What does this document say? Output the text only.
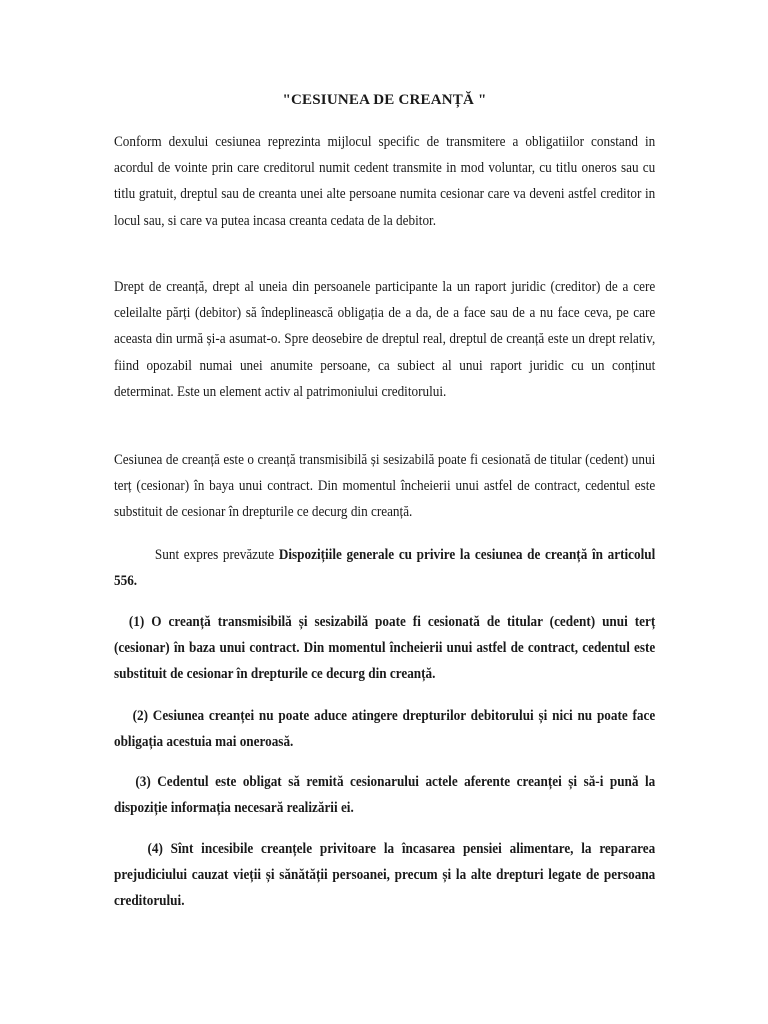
"CESIUNEA DE CREANȚĂ "

Conform dexului cesiunea reprezinta mijlocul specific de transmitere a obligatiilor constand in acordul de vointe prin care creditorul numit cedent transmite in mod voluntar, cu titlu oneros sau cu titlu gratuit, dreptul sau de creanta unei alte persoane numita cesionar care va deveni astfel creditor in locul sau, si care va putea incasa creanta cedata de la debitor.

Drept de creanță, drept al uneia din persoanele participante la un raport juridic (creditor) de a cere celeilalte părți (debitor) să îndeplinească obligația de a da, de a face sau de a nu face ceva, pe care aceasta din urmă și-a asumat-o. Spre deosebire de dreptul real, dreptul de creanță este un drept relativ, fiind opozabil numai unei anumite persoane, ca subiect al unui raport juridic cu un conținut determinat. Este un element activ al patrimoniului creditorului.

Cesiunea de creanță este o creanță transmisibilă și sesizabilă poate fi cesionată de titular (cedent) unui terț (cesionar) în baya unui contract. Din momentul încheierii unui astfel de contract, cedentul este substituit de cesionar în drepturile ce decurg din creanță.

Sunt expres prevăzute Dispozițiile generale cu privire la cesiunea de creanță în articolul 556.

(1) O creanță transmisibilă și sesizabilă poate fi cesionată de titular (cedent) unui terț (cesionar) în baza unui contract. Din momentul încheierii unui astfel de contract, cedentul este substituit de cesionar în drepturile ce decurg din creanță.

(2) Cesiunea creanței nu poate aduce atingere drepturilor debitorului și nici nu poate face obligația acestuia mai oneroasă.

(3) Cedentul este obligat să remită cesionarului actele aferente creanței și să-i pună la dispoziție informația necesară realizării ei.

(4) Sînt incesibile creanțele privitoare la încasarea pensiei alimentare, la repararea prejudiciului cauzat vieții și sănătății persoanei, precum și la alte drepturi legate de persoana creditorului.
